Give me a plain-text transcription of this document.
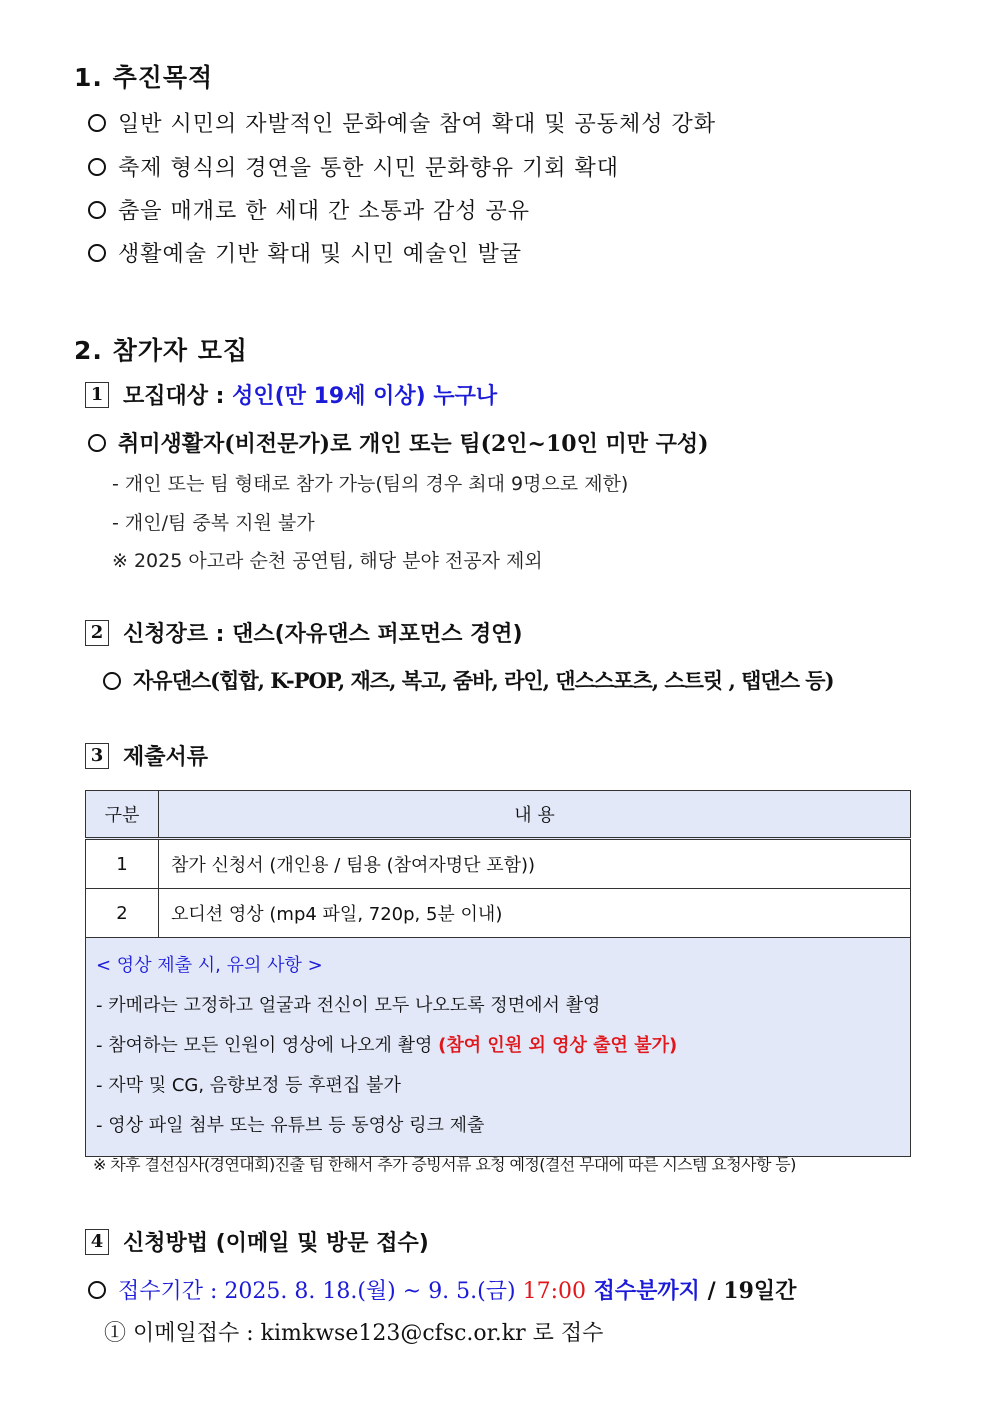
1. 추진목적
일반 시민의 자발적인 문화예술 참여 확대 및 공동체성 강화
축제 형식의 경연을 통한 시민 문화향유 기회 확대
춤을 매개로 한 세대 간 소통과 감성 공유
생활예술 기반 확대 및 시민 예술인 발굴
2. 참가자 모집
1 모집대상 : 성인(만 19세 이상) 누구나
취미생활자(비전문가)로 개인 또는 팀(2인~10인 미만 구성)
- 개인 또는 팀 형태로 참가 가능(팀의 경우 최대 9명으로 제한)
- 개인/팀 중복 지원 불가
※ 2025 아고라 순천 공연팀, 해당 분야 전공자 제외
2 신청장르 : 댄스(자유댄스 퍼포먼스 경연)
자유댄스(힙합, K-POP, 재즈, 복고, 줌바, 라인, 댄스스포츠, 스트릿 , 탭댄스 등)
3 제출서류
구분	내 용
1	참가 신청서 (개인용 / 팀용 (참여자명단 포함))
2	오디션 영상 (mp4 파일, 720p, 5분 이내)

< 영상 제출 시, 유의 사항 >
- 카메라는 고정하고 얼굴과 전신이 모두 나오도록 정면에서 촬영
- 참여하는 모든 인원이 영상에 나오게 촬영 (참여 인원 외 영상 출연 불가)
- 자막 및 CG, 음향보정 등 후편집 불가
- 영상 파일 첨부 또는 유튜브 등 동영상 링크 제출	
※ 차후 결선심사(경연대회)진출 팀 한해서 추가 증빙서류 요청 예정(결선 무대에 따른 시스템 요청사항 등)
4 신청방법 (이메일 및 방문 접수)
접수기간 : 2025. 8. 18.(월) ~ 9. 5.(금) 17:00 접수분까지 / 19일간
① 이메일접수 : kimkwse123@cfsc.or.kr 로 접수
